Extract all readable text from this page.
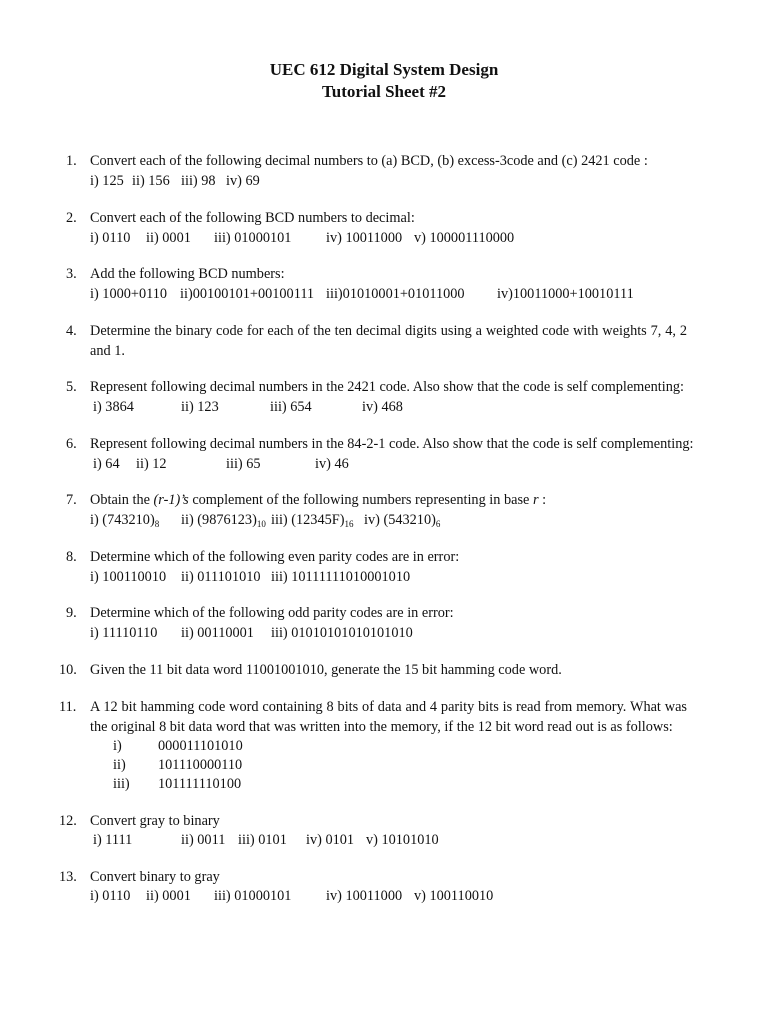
UEC 612 Digital System Design
Tutorial Sheet #2
1. Convert each of the following decimal numbers to (a) BCD, (b) excess-3code and (c) 2421 code :
i) 125 ii) 156 iii) 98 iv) 69
2. Convert each of the following BCD numbers to decimal:
i) 0110 ii) 0001 iii) 01000101 iv) 10011000 v) 100001110000
3. Add the following BCD numbers:
i) 1000+0110 ii)00100101+00100111 iii)01010001+01011000 iv)10011000+10010111
4. Determine the binary code for each of the ten decimal digits using a weighted code with weights 7, 4, 2
and 1.
5. Represent following decimal numbers in the 2421 code. Also show that the code is self complementing:
i) 3864	ii) 123	iii) 654	iv) 468
6. Represent following decimal numbers in the 84-2-1 code. Also show that the code is self complementing:
i) 64 ii) 12	iii) 65	iv) 46
7. Obtain the (r-1)’s complement of the following numbers representing in base r :
i) $(743210)_8$ ii) $(9876123)_{10}$ iii) $(12345F)_{16}$ iv) $(543210)_6$
8. Determine which of the following even parity codes are in error:
i) 100110010 ii) 011101010 iii) 10111111010001010
9. Determine which of the following odd parity codes are in error:
i) 11110110 ii) 00110001 iii) 01010101010101010
10. Given the 11 bit data word 11001001010, generate the 15 bit hamming code word.
11. A 12 bit hamming code word containing 8 bits of data and 4 parity bits is read from memory. What was
the original 8 bit data word that was written into the memory, if the 12 bit word read out is as follows:
i)	000011101010
ii) 101110000110
iii) 101111110100
12. Convert gray to binary
i) 1111	ii) 0011 iii) 0101 iv) 0101 v) 10101010
13. Convert binary to gray
i) 0110 ii) 0001 iii) 01000101 iv) 10011000 v) 100110010
